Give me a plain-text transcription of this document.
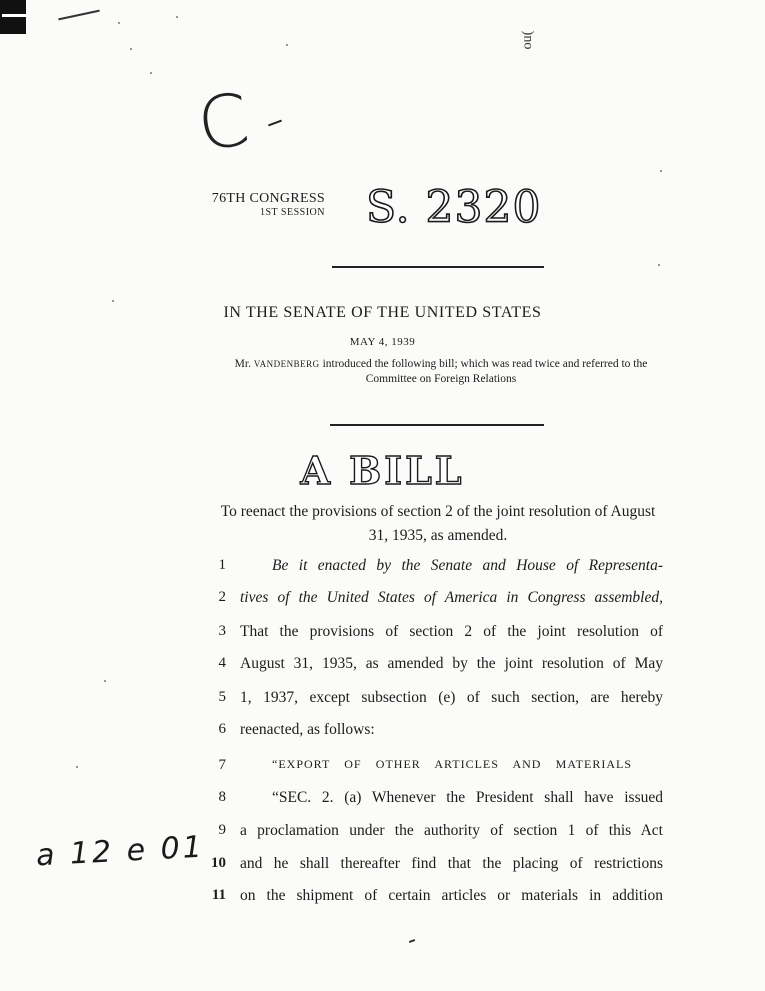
C
)no
76TH CONGRESS
1ST SESSION S. 2320
IN THE SENATE OF THE UNITED STATES
MAY 4, 1939
Mr. VANDENBERG introduced the following bill; which was read twice and referred to the Committee on Foreign Relations
A BILL
To reenact the provisions of section 2 of the joint resolution of August 31, 1935, as amended.
1	Be it enacted by the Senate and House of Representa-
2 tives of the United States of America in Congress assembled,
3 That the provisions of section 2 of the joint resolution of
4 August 31, 1935, as amended by the joint resolution of May
5 1, 1937, except subsection (e) of such section, are hereby
6 reenacted, as follows:
7	“EXPORT OF OTHER ARTICLES AND MATERIALS
8	“SEC. 2. (a) Whenever the President shall have issued
9 a proclamation under the authority of section 1 of this Act
10 and he shall thereafter find that the placing of restrictions
11 on the shipment of certain articles or materials in addition
a 12 e 01
